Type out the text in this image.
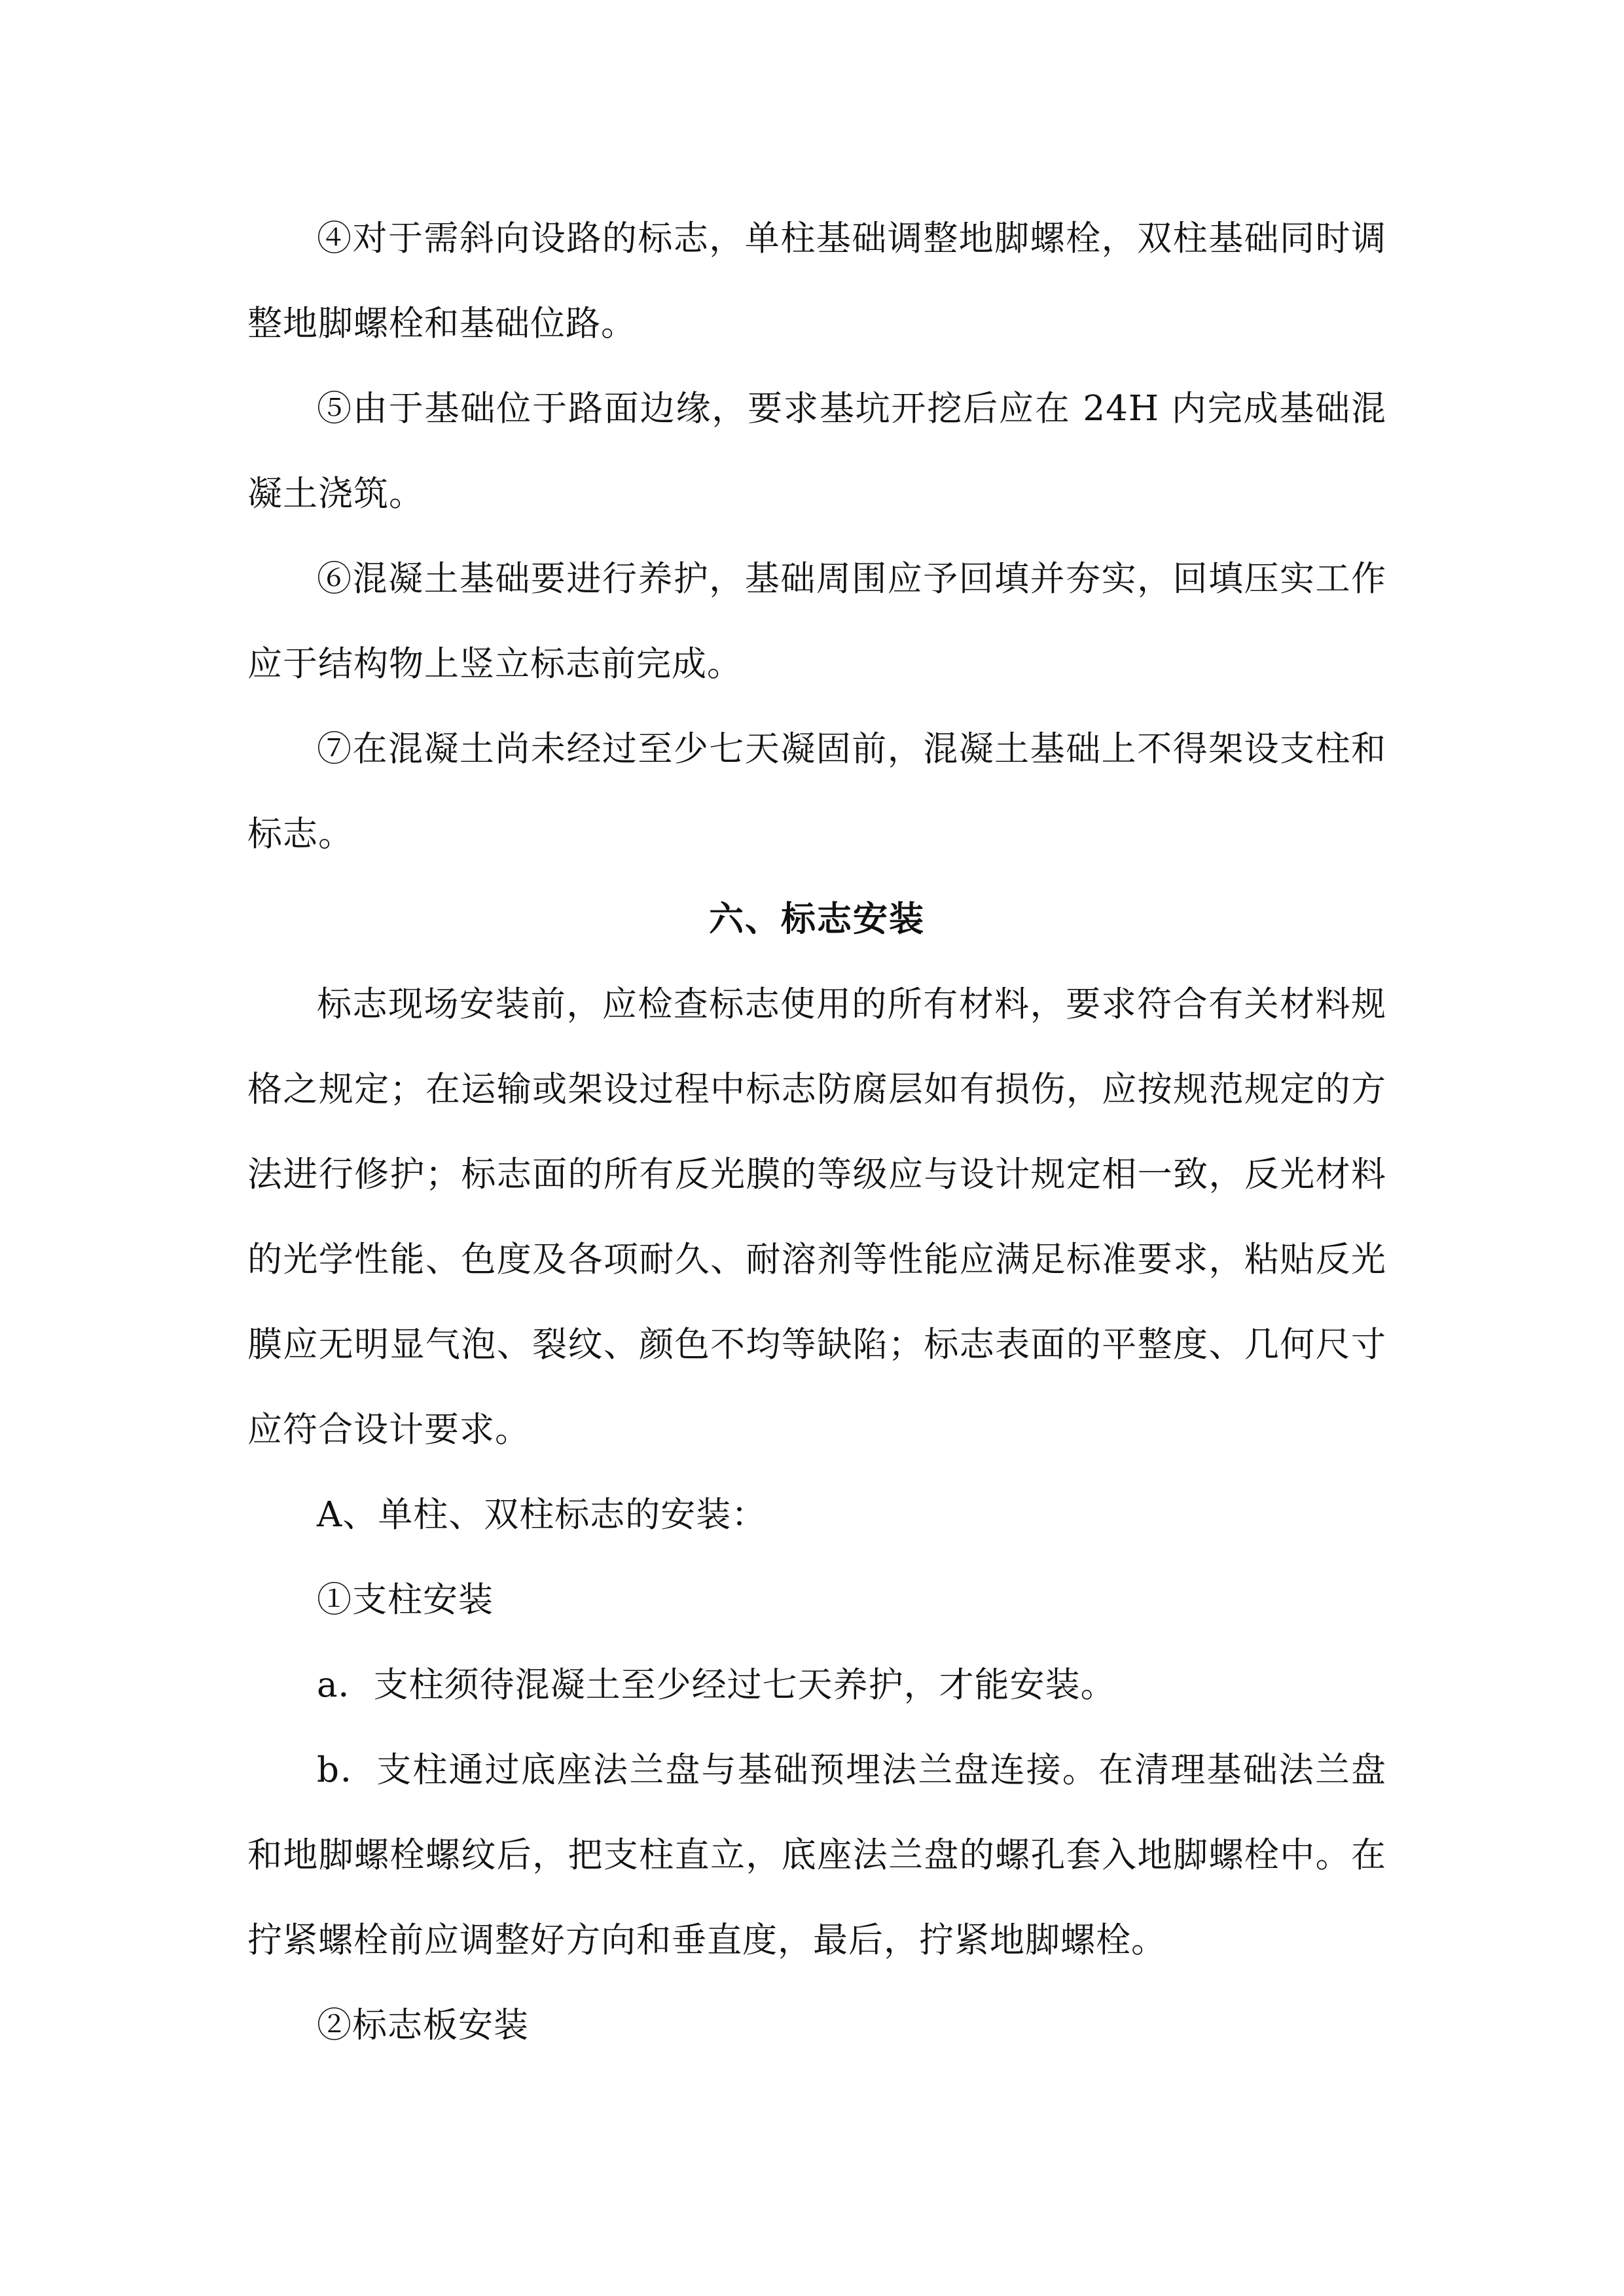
④对于需斜向设路的标志，单柱基础调整地脚螺栓，双柱基础同时调整地脚螺栓和基础位路。

⑤由于基础位于路面边缘，要求基坑开挖后应在 24H 内完成基础混凝土浇筑。

⑥混凝土基础要进行养护，基础周围应予回填并夯实，回填压实工作应于结构物上竖立标志前完成。

⑦在混凝土尚未经过至少七天凝固前，混凝土基础上不得架设支柱和标志。

六、标志安装

标志现场安装前，应检查标志使用的所有材料，要求符合有关材料规格之规定；在运输或架设过程中标志防腐层如有损伤，应按规范规定的方法进行修护；标志面的所有反光膜的等级应与设计规定相一致，反光材料的光学性能、色度及各项耐久、耐溶剂等性能应满足标准要求，粘贴反光膜应无明显气泡、裂纹、颜色不均等缺陷；标志表面的平整度、几何尺寸应符合设计要求。

A、单柱、双柱标志的安装：

①支柱安装

a．支柱须待混凝土至少经过七天养护，才能安装。

b．支柱通过底座法兰盘与基础预埋法兰盘连接。在清理基础法兰盘和地脚螺栓螺纹后，把支柱直立，底座法兰盘的螺孔套入地脚螺栓中。在拧紧螺栓前应调整好方向和垂直度，最后，拧紧地脚螺栓。

②标志板安装
